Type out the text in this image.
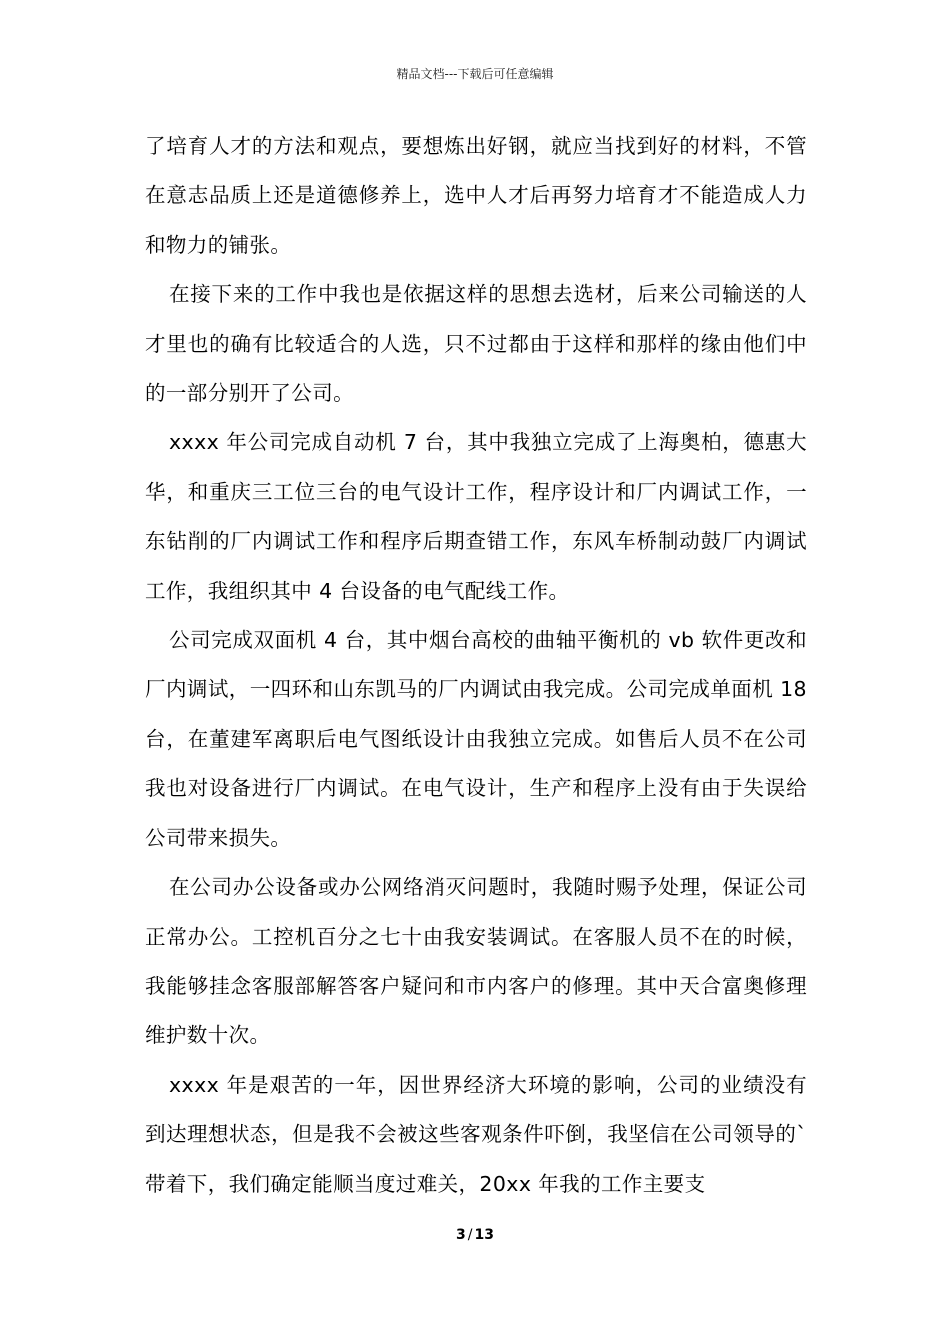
精品文档---下载后可任意编辑

了培育人才的方法和观点，要想炼出好钢，就应当找到好的材料，不管在意志品质上还是道德修养上，选中人才后再努力培育才不能造成人力和物力的铺张。

在接下来的工作中我也是依据这样的思想去选材，后来公司输送的人才里也的确有比较适合的人选，只不过都由于这样和那样的缘由他们中的一部分别开了公司。

xxxx 年公司完成自动机 7 台，其中我独立完成了上海奥柏，德惠大华，和重庆三工位三台的电气设计工作，程序设计和厂内调试工作，一东钻削的厂内调试工作和程序后期查错工作，东风车桥制动鼓厂内调试工作，我组织其中 4 台设备的电气配线工作。

公司完成双面机 4 台，其中烟台高校的曲轴平衡机的 vb 软件更改和厂内调试，一四环和山东凯马的厂内调试由我完成。公司完成单面机 18 台，在董建军离职后电气图纸设计由我独立完成。如售后人员不在公司我也对设备进行厂内调试。在电气设计，生产和程序上没有由于失误给公司带来损失。

在公司办公设备或办公网络消灭问题时，我随时赐予处理，保证公司正常办公。工控机百分之七十由我安装调试。在客服人员不在的时候，我能够挂念客服部解答客户疑问和市内客户的修理。其中天合富奥修理维护数十次。

xxxx 年是艰苦的一年，因世界经济大环境的影响，公司的业绩没有到达理想状态，但是我不会被这些客观条件吓倒，我坚信在公司领导的`带着下，我们确定能顺当度过难关，20xx 年我的工作主要支

3 / 13
